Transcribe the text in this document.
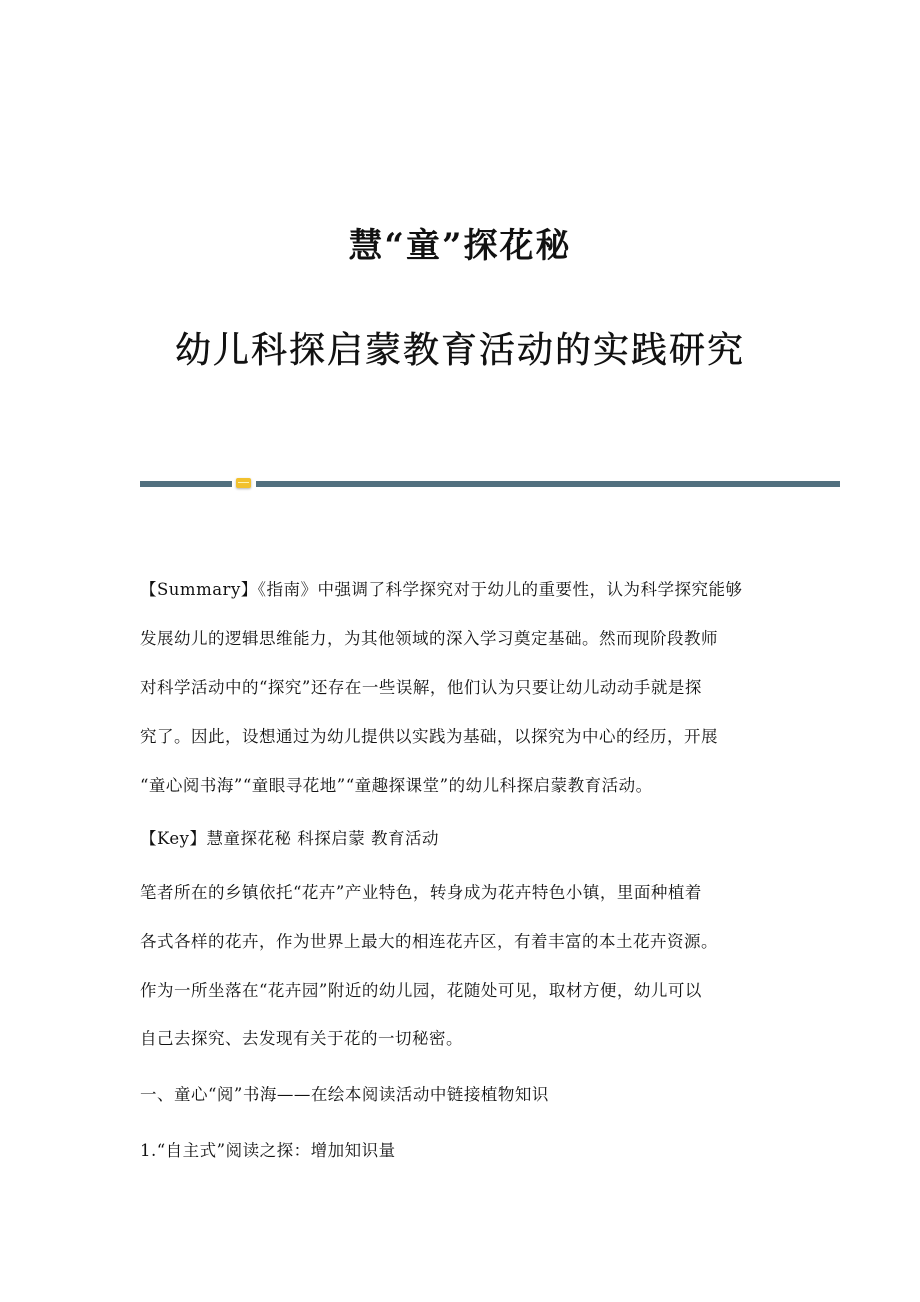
慧“童”探花秘
幼儿科探启蒙教育活动的实践研究
【Summary】《指南》中强调了科学探究对于幼儿的重要性，认为科学探究能够
发展幼儿的逻辑思维能力，为其他领域的深入学习奠定基础。然而现阶段教师
对科学活动中的“探究”还存在一些误解，他们认为只要让幼儿动动手就是探
究了。因此，设想通过为幼儿提供以实践为基础，以探究为中心的经历，开展
“童心阅书海”“童眼寻花地”“童趣探课堂”的幼儿科探启蒙教育活动。
【Key】慧童探花秘 科探启蒙 教育活动
笔者所在的乡镇依托“花卉”产业特色，转身成为花卉特色小镇，里面种植着
各式各样的花卉，作为世界上最大的相连花卉区，有着丰富的本土花卉资源。
作为一所坐落在“花卉园”附近的幼儿园，花随处可见，取材方便，幼儿可以
自己去探究、去发现有关于花的一切秘密。
一、童心“阅”书海——在绘本阅读活动中链接植物知识
1.“自主式”阅读之探：增加知识量
